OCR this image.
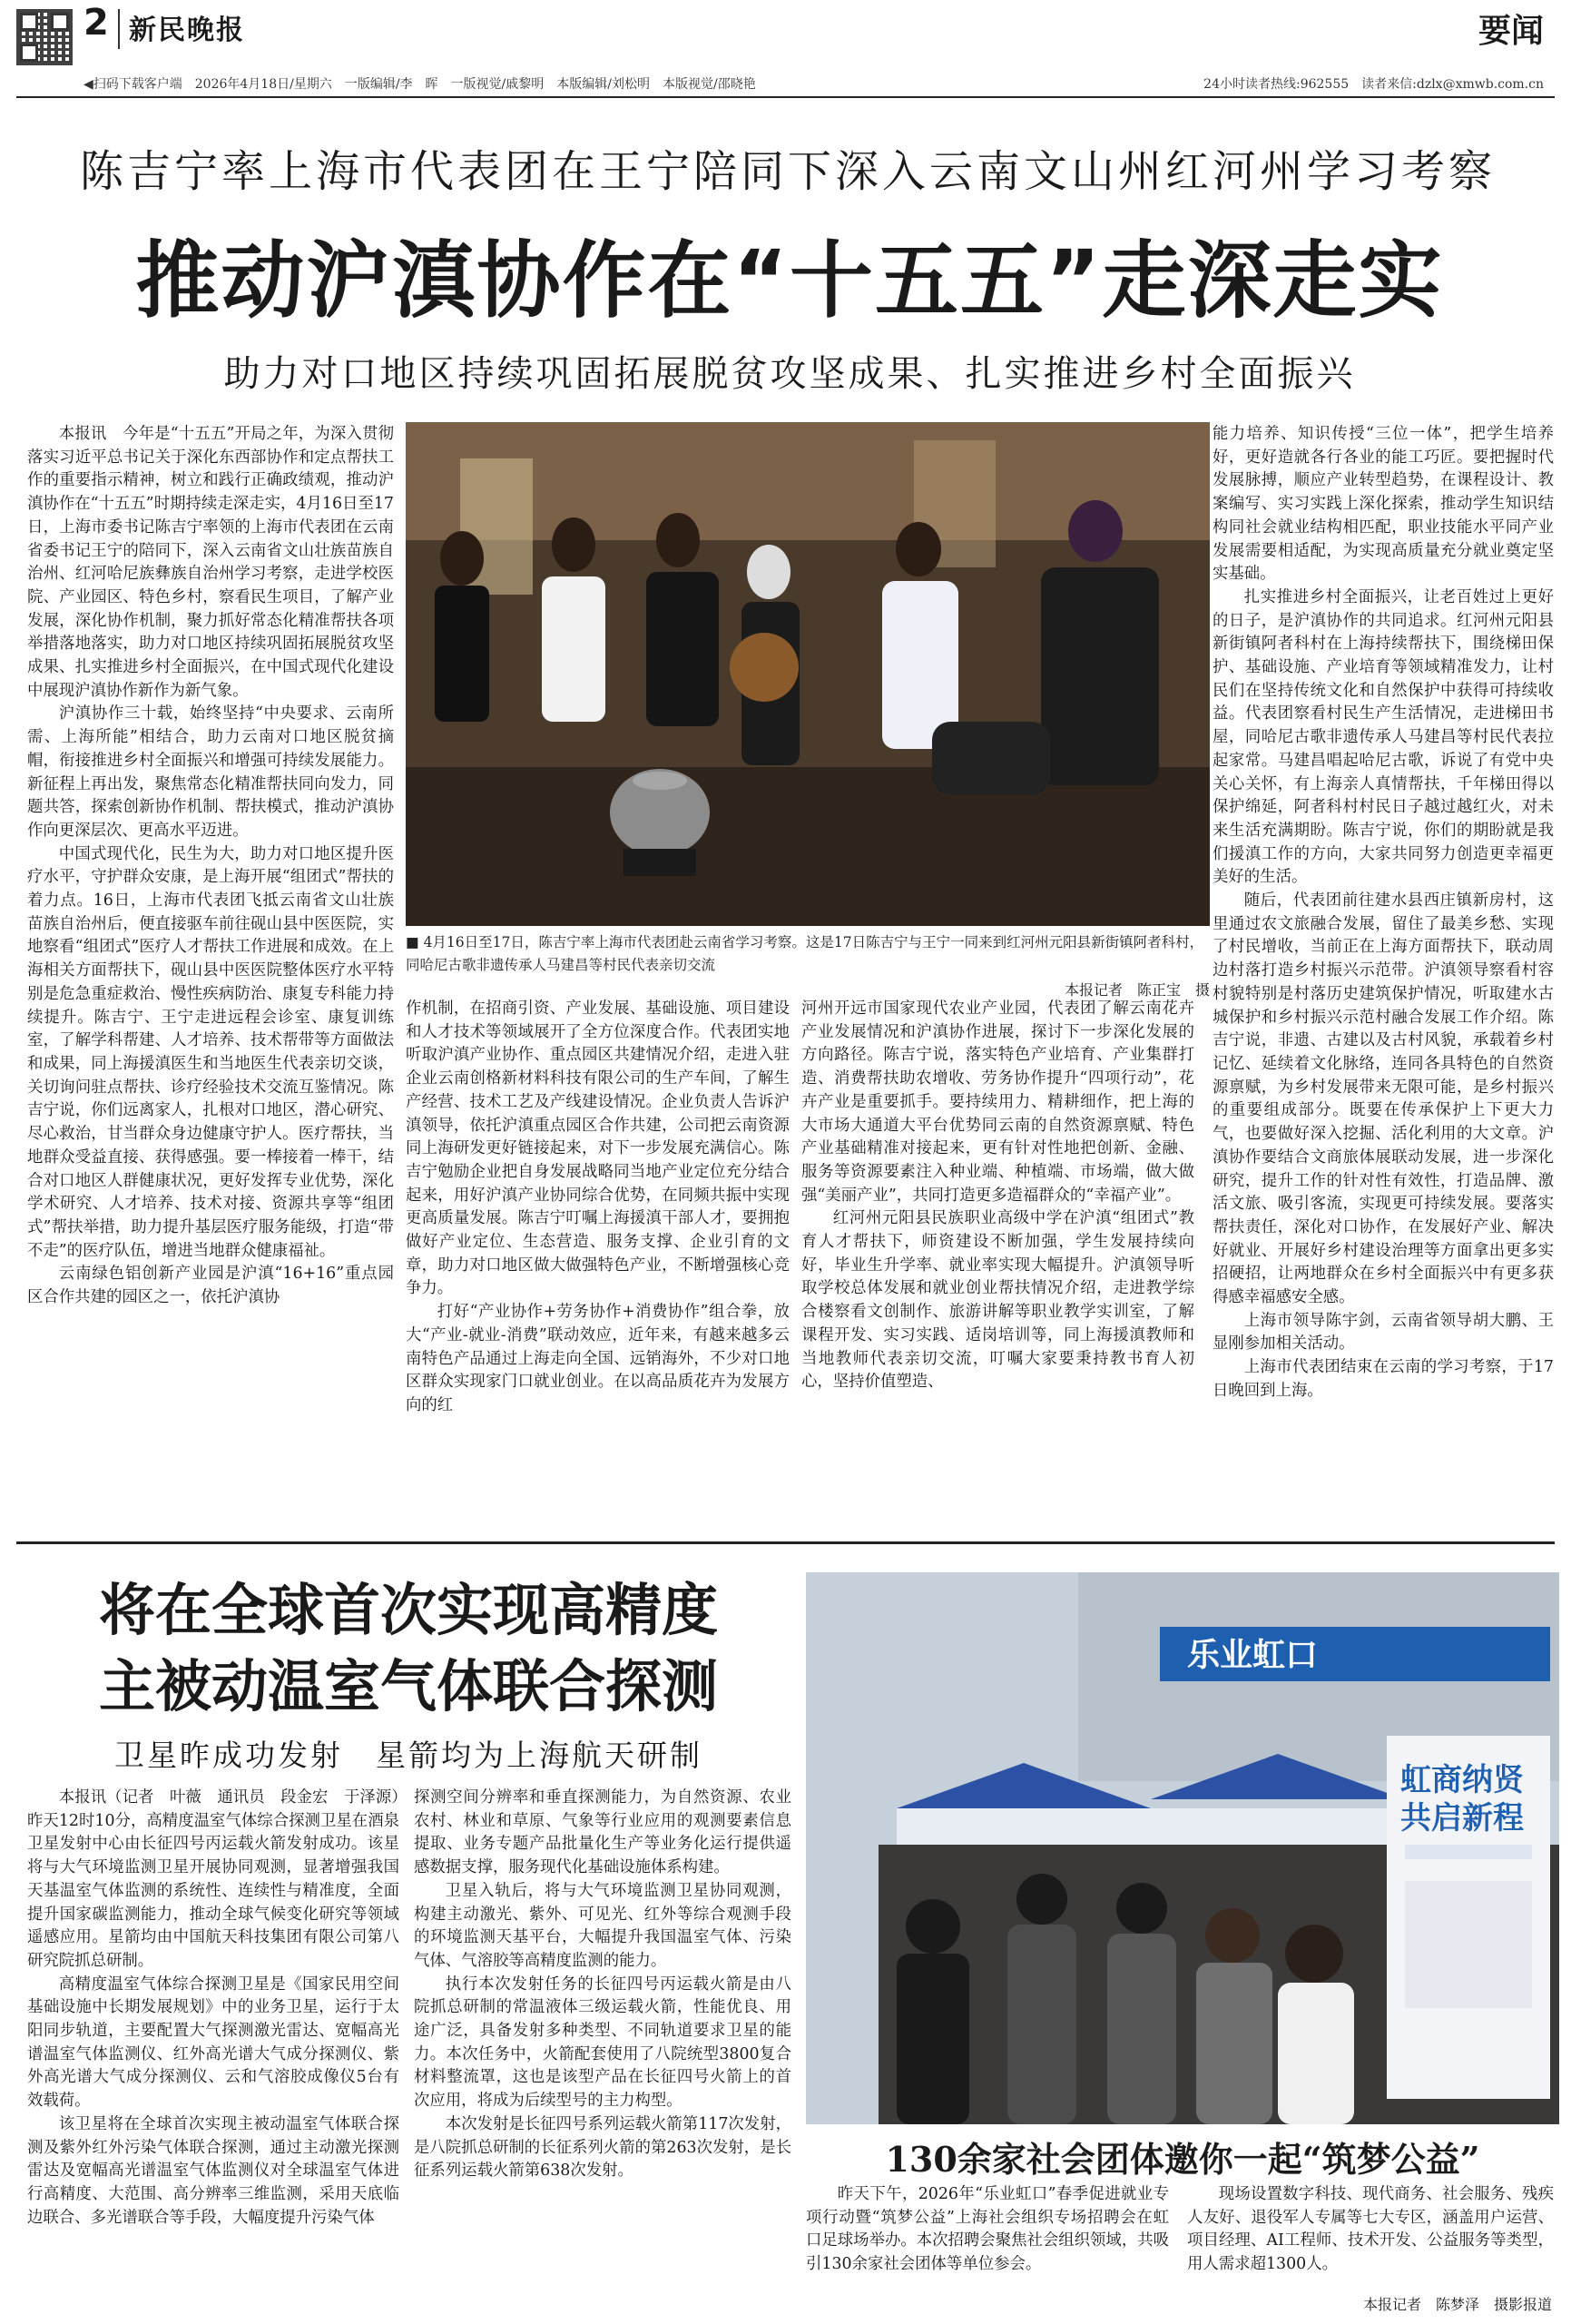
2 新民晚报	要闻
◀扫码下载客户端　2026年4月18日/星期六　一版编辑/李　晖　一版视觉/戚黎明　本版编辑/刘松明　本版视觉/邵晓艳	24小时读者热线:962555　读者来信:dzlx@xmwb.com.cn
陈吉宁率上海市代表团在王宁陪同下深入云南文山州红河州学习考察
推动沪滇协作在“十五五”走深走实
助力对口地区持续巩固拓展脱贫攻坚成果、扎实推进乡村全面振兴

本报讯　今年是“十五五”开局之年，为深入贯彻落实习近平总书记关于深化东西部协作和定点帮扶工作的重要指示精神，树立和践行正确政绩观，推动沪滇协作在“十五五”时期持续走深走实，4月16日至17日，上海市委书记陈吉宁率领的上海市代表团在云南省委书记王宁的陪同下，深入云南省文山壮族苗族自治州、红河哈尼族彝族自治州学习考察，走进学校医院、产业园区、特色乡村，察看民生项目，了解产业发展，深化协作机制，聚力抓好常态化精准帮扶各项举措落地落实，助力对口地区持续巩固拓展脱贫攻坚成果、扎实推进乡村全面振兴，在中国式现代化建设中展现沪滇协作新作为新气象。

沪滇协作三十载，始终坚持“中央要求、云南所需、上海所能”相结合，助力云南对口地区脱贫摘帽，衔接推进乡村全面振兴和增强可持续发展能力。新征程上再出发，聚焦常态化精准帮扶同向发力，同题共答，探索创新协作机制、帮扶模式，推动沪滇协作向更深层次、更高水平迈进。

中国式现代化，民生为大，助力对口地区提升医疗水平，守护群众安康，是上海开展“组团式”帮扶的着力点。16日，上海市代表团飞抵云南省文山壮族苗族自治州后，便直接驱车前往砚山县中医医院，实地察看“组团式”医疗人才帮扶工作进展和成效。在上海相关方面帮扶下，砚山县中医医院整体医疗水平特别是危急重症救治、慢性疾病防治、康复专科能力持续提升。陈吉宁、王宁走进远程会诊室、康复训练室，了解学科帮建、人才培养、技术帮带等方面做法和成果，同上海援滇医生和当地医生代表亲切交谈，关切询问驻点帮扶、诊疗经验技术交流互鉴情况。陈吉宁说，你们远离家人，扎根对口地区，潜心研究、尽心救治，甘当群众身边健康守护人。医疗帮扶，当地群众受益直接、获得感强。要一棒接着一棒干，结合对口地区人群健康状况，更好发挥专业优势，深化学术研究、人才培养、技术对接、资源共享等“组团式”帮扶举措，助力提升基层医疗服务能级，打造“带不走”的医疗队伍，增进当地群众健康福祉。

云南绿色铝创新产业园是沪滇“16+16”重点园区合作共建的园区之一，依托沪滇协

■ 4月16日至17日，陈吉宁率上海市代表团赴云南省学习考察。这是17日陈吉宁与王宁一同来到红河州元阳县新街镇阿者科村，同哈尼古歌非遗传承人马建昌等村民代表亲切交流
本报记者　陈正宝　摄

作机制，在招商引资、产业发展、基础设施、项目建设和人才技术等领域展开了全方位深度合作。代表团实地听取沪滇产业协作、重点园区共建情况介绍，走进入驻企业云南创格新材料科技有限公司的生产车间，了解生产经营、技术工艺及产线建设情况。企业负责人告诉沪滇领导，依托沪滇重点园区合作共建，公司把云南资源同上海研发更好链接起来，对下一步发展充满信心。陈吉宁勉励企业把自身发展战略同当地产业定位充分结合起来，用好沪滇产业协同综合优势，在同频共振中实现更高质量发展。陈吉宁叮嘱上海援滇干部人才，要拥抱做好产业定位、生态营造、服务支撑、企业引育的文章，助力对口地区做大做强特色产业，不断增强核心竞争力。

打好“产业协作+劳务协作+消费协作”组合拳，放大“产业-就业-消费”联动效应，近年来，有越来越多云南特色产品通过上海走向全国、远销海外，不少对口地区群众实现家门口就业创业。在以高品质花卉为发展方向的红

河州开远市国家现代农业产业园，代表团了解云南花卉产业发展情况和沪滇协作进展，探讨下一步深化发展的方向路径。陈吉宁说，落实特色产业培育、产业集群打造、消费帮扶助农增收、劳务协作提升“四项行动”，花卉产业是重要抓手。要持续用力、精耕细作，把上海的大市场大通道大平台优势同云南的自然资源禀赋、特色产业基础精准对接起来，更有针对性地把创新、金融、服务等资源要素注入种业端、种植端、市场端，做大做强“美丽产业”，共同打造更多造福群众的“幸福产业”。

红河州元阳县民族职业高级中学在沪滇“组团式”教育人才帮扶下，师资建设不断加强，学生发展持续向好，毕业生升学率、就业率实现大幅提升。沪滇领导听取学校总体发展和就业创业帮扶情况介绍，走进教学综合楼察看文创制作、旅游讲解等职业教学实训室，了解课程开发、实习实践、适岗培训等，同上海援滇教师和当地教师代表亲切交流，叮嘱大家要秉持教书育人初心，坚持价值塑造、

能力培养、知识传授“三位一体”，把学生培养好，更好造就各行各业的能工巧匠。要把握时代发展脉搏，顺应产业转型趋势，在课程设计、教案编写、实习实践上深化探索，推动学生知识结构同社会就业结构相匹配，职业技能水平同产业发展需要相适配，为实现高质量充分就业奠定坚实基础。

扎实推进乡村全面振兴，让老百姓过上更好的日子，是沪滇协作的共同追求。红河州元阳县新街镇阿者科村在上海持续帮扶下，围绕梯田保护、基础设施、产业培育等领域精准发力，让村民们在坚持传统文化和自然保护中获得可持续收益。代表团察看村民生产生活情况，走进梯田书屋，同哈尼古歌非遗传承人马建昌等村民代表拉起家常。马建昌唱起哈尼古歌，诉说了有党中央关心关怀，有上海亲人真情帮扶，千年梯田得以保护绵延，阿者科村村民日子越过越红火，对未来生活充满期盼。陈吉宁说，你们的期盼就是我们援滇工作的方向，大家共同努力创造更幸福更美好的生活。

随后，代表团前往建水县西庄镇新房村，这里通过农文旅融合发展，留住了最美乡愁、实现了村民增收，当前正在上海方面帮扶下，联动周边村落打造乡村振兴示范带。沪滇领导察看村容村貌特别是村落历史建筑保护情况，听取建水古城保护和乡村振兴示范村融合发展工作介绍。陈吉宁说，非遗、古建以及古村风貌，承载着乡村记忆、延续着文化脉络，连同各具特色的自然资源禀赋，为乡村发展带来无限可能，是乡村振兴的重要组成部分。既要在传承保护上下更大力气，也要做好深入挖掘、活化利用的大文章。沪滇协作要结合文商旅体展联动发展，进一步深化研究，提升工作的针对性有效性，打造品牌、激活文旅、吸引客流，实现更可持续发展。要落实帮扶责任，深化对口协作，在发展好产业、解决好就业、开展好乡村建设治理等方面拿出更多实招硬招，让两地群众在乡村全面振兴中有更多获得感幸福感安全感。

上海市领导陈宇剑，云南省领导胡大鹏、王显刚参加相关活动。

上海市代表团结束在云南的学习考察，于17日晚回到上海。

将在全球首次实现高精度
主被动温室气体联合探测
卫星昨成功发射　星箭均为上海航天研制

本报讯（记者　叶薇　通讯员　段金宏　于泽源）昨天12时10分，高精度温室气体综合探测卫星在酒泉卫星发射中心由长征四号丙运载火箭发射成功。该星将与大气环境监测卫星开展协同观测，显著增强我国天基温室气体监测的系统性、连续性与精准度，全面提升国家碳监测能力，推动全球气候变化研究等领域遥感应用。星箭均由中国航天科技集团有限公司第八研究院抓总研制。

高精度温室气体综合探测卫星是《国家民用空间基础设施中长期发展规划》中的业务卫星，运行于太阳同步轨道，主要配置大气探测激光雷达、宽幅高光谱温室气体监测仪、红外高光谱大气成分探测仪、紫外高光谱大气成分探测仪、云和气溶胶成像仪5台有效载荷。

该卫星将在全球首次实现主被动温室气体联合探测及紫外红外污染气体联合探测，通过主动激光探测雷达及宽幅高光谱温室气体监测仪对全球温室气体进行高精度、大范围、高分辨率三维监测，采用天底临边联合、多光谱联合等手段，大幅度提升污染气体

探测空间分辨率和垂直探测能力，为自然资源、农业农村、林业和草原、气象等行业应用的观测要素信息提取、业务专题产品批量化生产等业务化运行提供遥感数据支撑，服务现代化基础设施体系构建。

卫星入轨后，将与大气环境监测卫星协同观测，构建主动激光、紫外、可见光、红外等综合观测手段的环境监测天基平台，大幅提升我国温室气体、污染气体、气溶胶等高精度监测的能力。

执行本次发射任务的长征四号丙运载火箭是由八院抓总研制的常温液体三级运载火箭，性能优良、用途广泛，具备发射多种类型、不同轨道要求卫星的能力。本次任务中，火箭配套使用了八院统型3800复合材料整流罩，这也是该型产品在长征四号火箭上的首次应用，将成为后续型号的主力构型。

本次发射是长征四号系列运载火箭第117次发射，是八院抓总研制的长征系列火箭的第263次发射，是长征系列运载火箭第638次发射。

乐业虹口
虹商纳贤
共启新程
130余家社会团体邀你一起“筑梦公益”

昨天下午，2026年“乐业虹口”春季促进就业专项行动暨“筑梦公益”上海社会组织专场招聘会在虹口足球场举办。本次招聘会聚焦社会组织领域，共吸引130余家社会团体等单位参会。

现场设置数字科技、现代商务、社会服务、残疾人友好、退役军人专属等七大专区，涵盖用户运营、项目经理、AI工程师、技术开发、公益服务等类型，用人需求超1300人。

本报记者　陈梦泽　摄影报道
